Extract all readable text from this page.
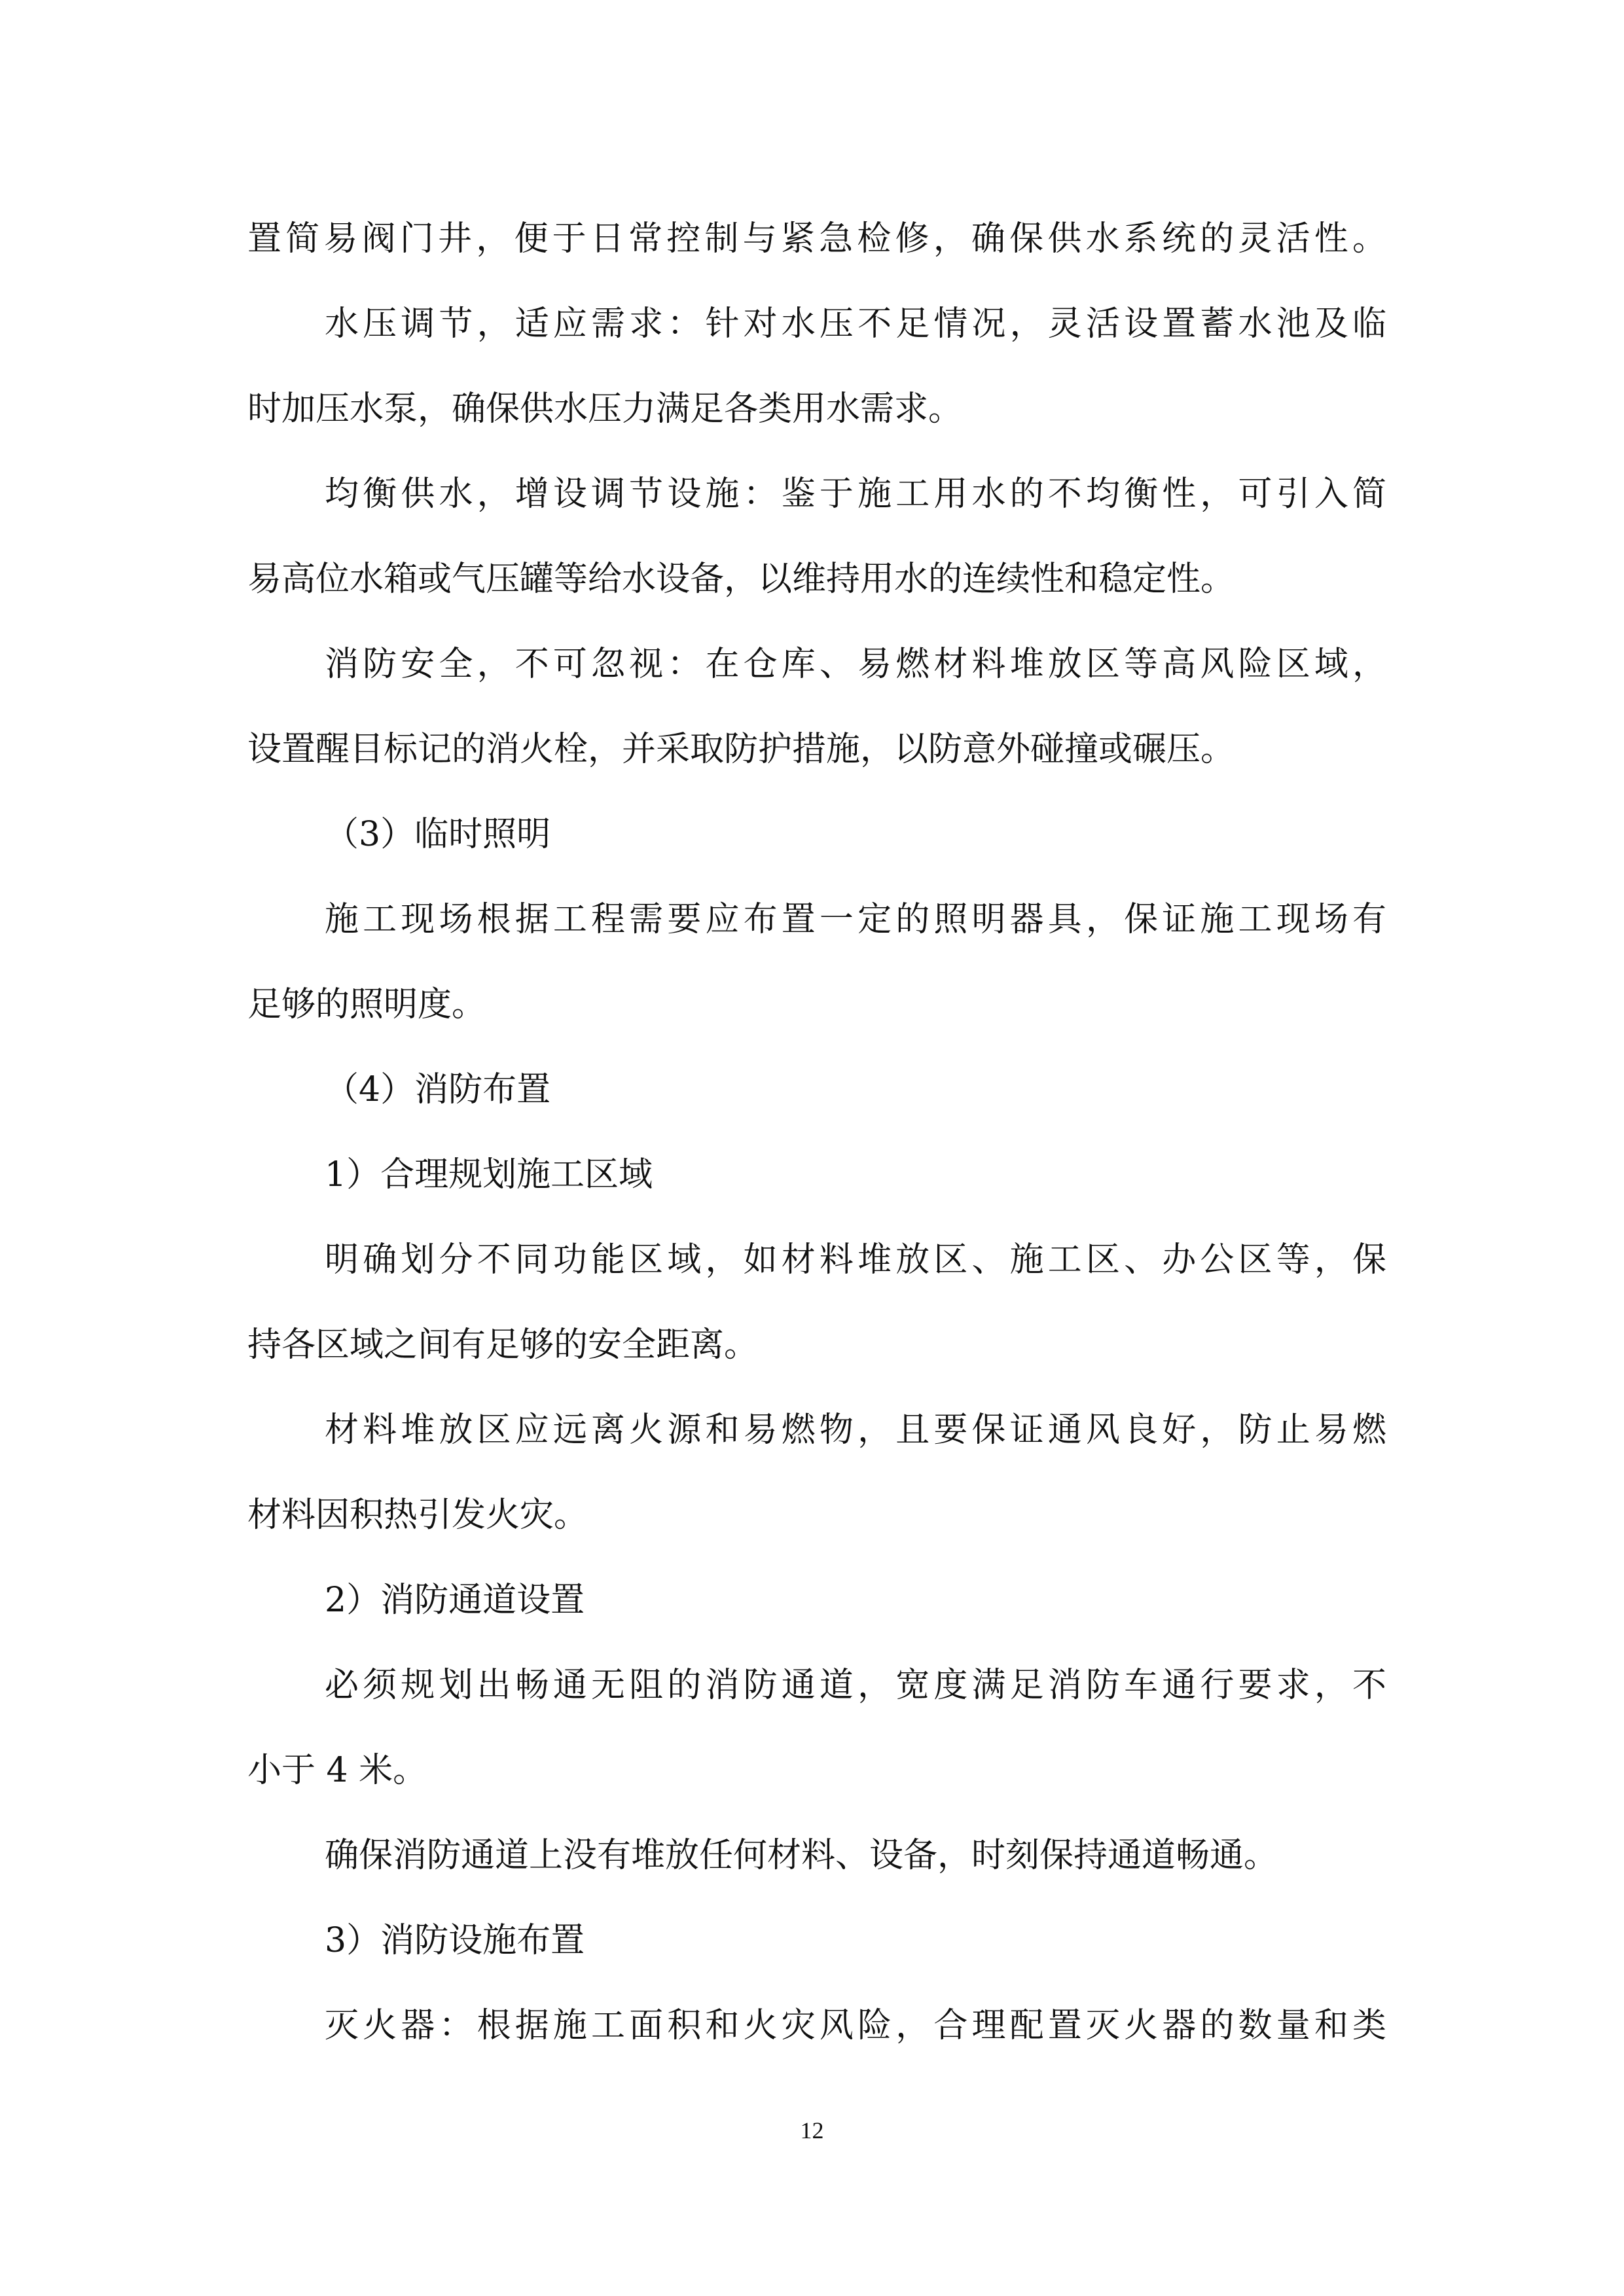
置简易阀门井，便于日常控制与紧急检修，确保供水系统的灵活性。
水压调节，适应需求：针对水压不足情况，灵活设置蓄水池及临
时加压水泵，确保供水压力满足各类用水需求。
均衡供水，增设调节设施：鉴于施工用水的不均衡性，可引入简
易高位水箱或气压罐等给水设备，以维持用水的连续性和稳定性。
消防安全，不可忽视：在仓库、易燃材料堆放区等高风险区域，
设置醒目标记的消火栓，并采取防护措施，以防意外碰撞或碾压。
（3）临时照明
施工现场根据工程需要应布置一定的照明器具，保证施工现场有
足够的照明度。
（4）消防布置
1）合理规划施工区域
明确划分不同功能区域，如材料堆放区、施工区、办公区等，保
持各区域之间有足够的安全距离。
材料堆放区应远离火源和易燃物，且要保证通风良好，防止易燃
材料因积热引发火灾。
2）消防通道设置
必须规划出畅通无阻的消防通道，宽度满足消防车通行要求，不
小于 4 米。
确保消防通道上没有堆放任何材料、设备，时刻保持通道畅通。
3）消防设施布置
灭火器：根据施工面积和火灾风险，合理配置灭火器的数量和类
12
